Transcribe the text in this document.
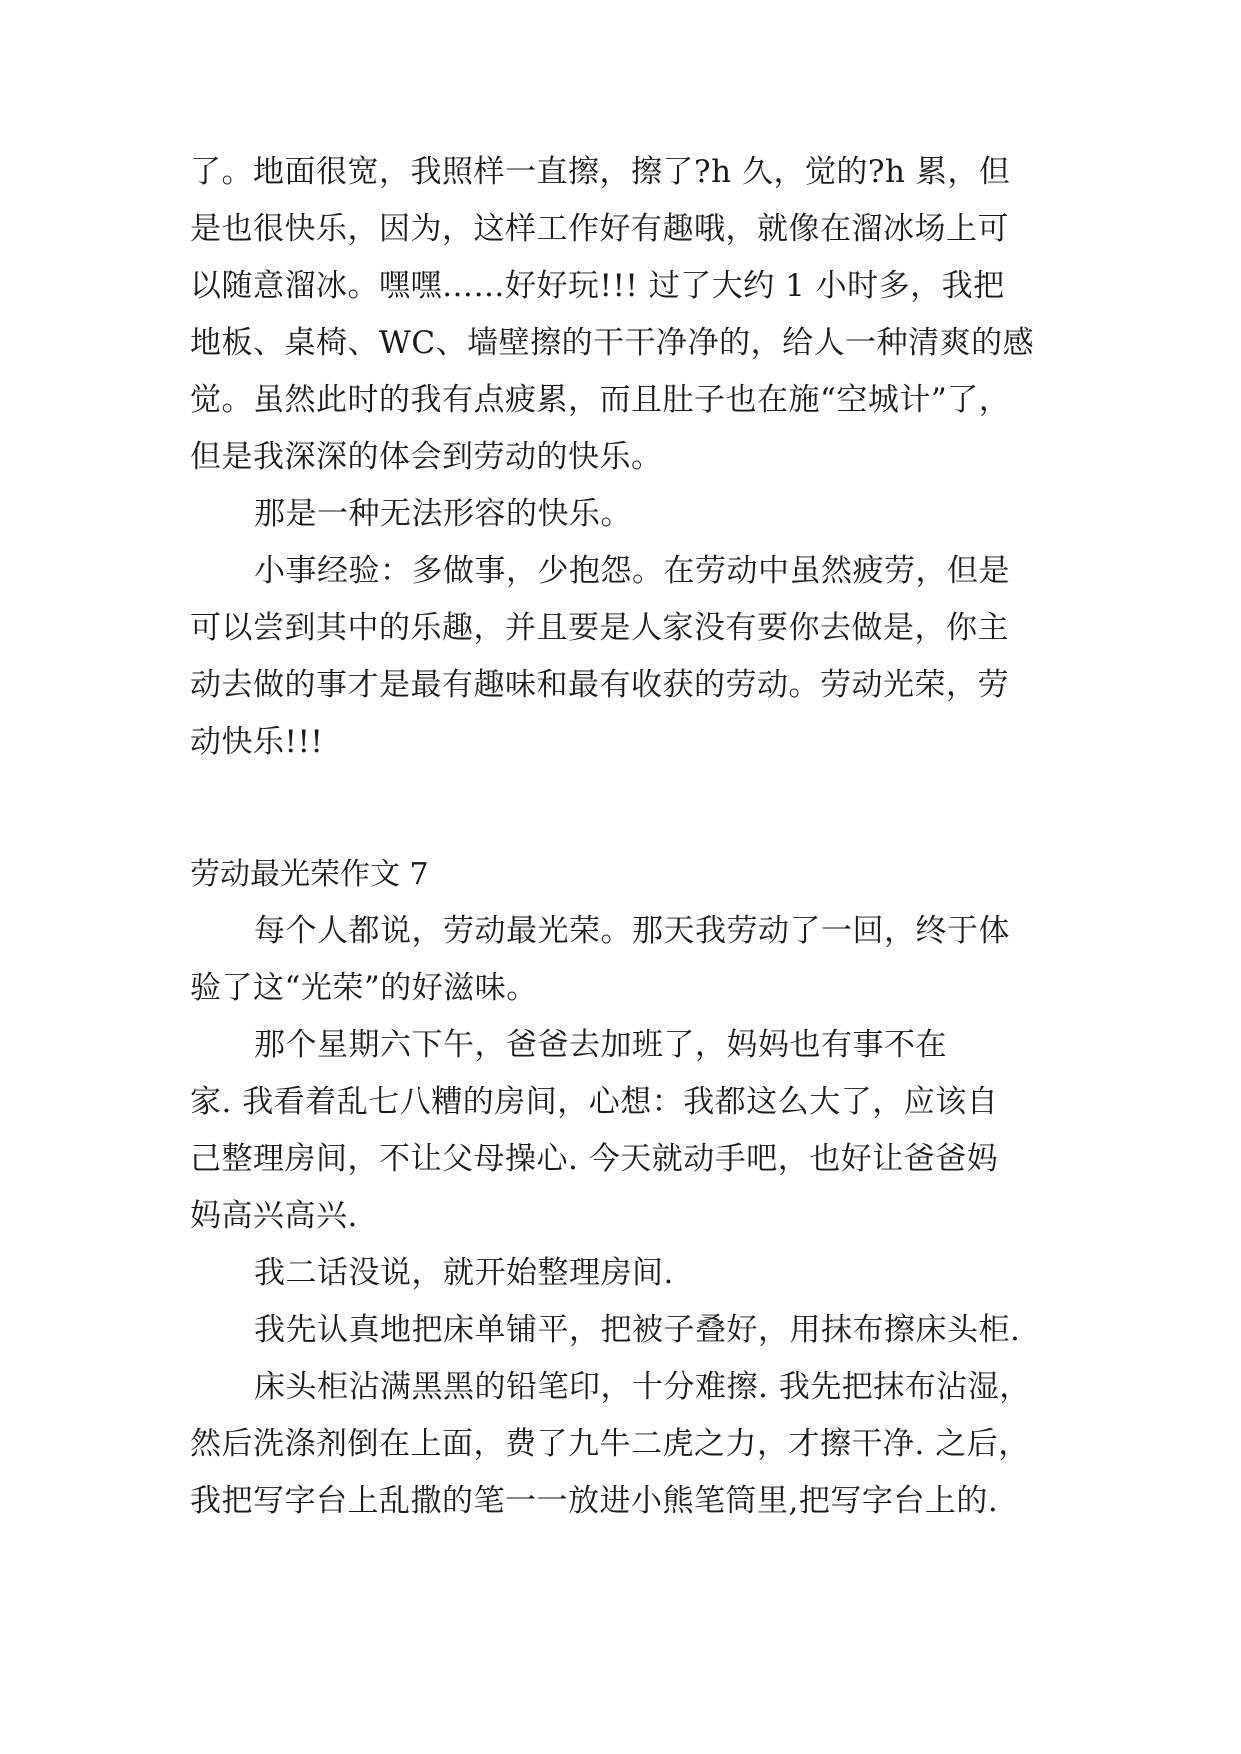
了。地面很宽，我照样一直擦，擦了?h 久，觉的?h 累，但
是也很快乐，因为，这样工作好有趣哦，就像在溜冰场上可
以随意溜冰。嘿嘿……好好玩!!! 过了大约 1 小时多，我把
地板、桌椅、WC、墙壁擦的干干净净的，给人一种清爽的感
觉。虽然此时的我有点疲累，而且肚子也在施“空城计”了，
但是我深深的体会到劳动的快乐。
那是一种无法形容的快乐。
小事经验：多做事，少抱怨。在劳动中虽然疲劳，但是
可以尝到其中的乐趣，并且要是人家没有要你去做是，你主
动去做的事才是最有趣味和最有收获的劳动。劳动光荣，劳
动快乐!!!
劳动最光荣作文 7
每个人都说，劳动最光荣。那天我劳动了一回，终于体
验了这“光荣”的好滋味。
那个星期六下午，爸爸去加班了，妈妈也有事不在
家. 我看着乱七八糟的房间，心想：我都这么大了，应该自
己整理房间，不让父母操心. 今天就动手吧，也好让爸爸妈
妈高兴高兴.
我二话没说，就开始整理房间.
我先认真地把床单铺平，把被子叠好，用抹布擦床头柜.
床头柜沾满黑黑的铅笔印，十分难擦. 我先把抹布沾湿，
然后洗涤剂倒在上面，费了九牛二虎之力，才擦干净. 之后，
我把写字台上乱撒的笔一一放进小熊笔筒里,把写字台上的.
